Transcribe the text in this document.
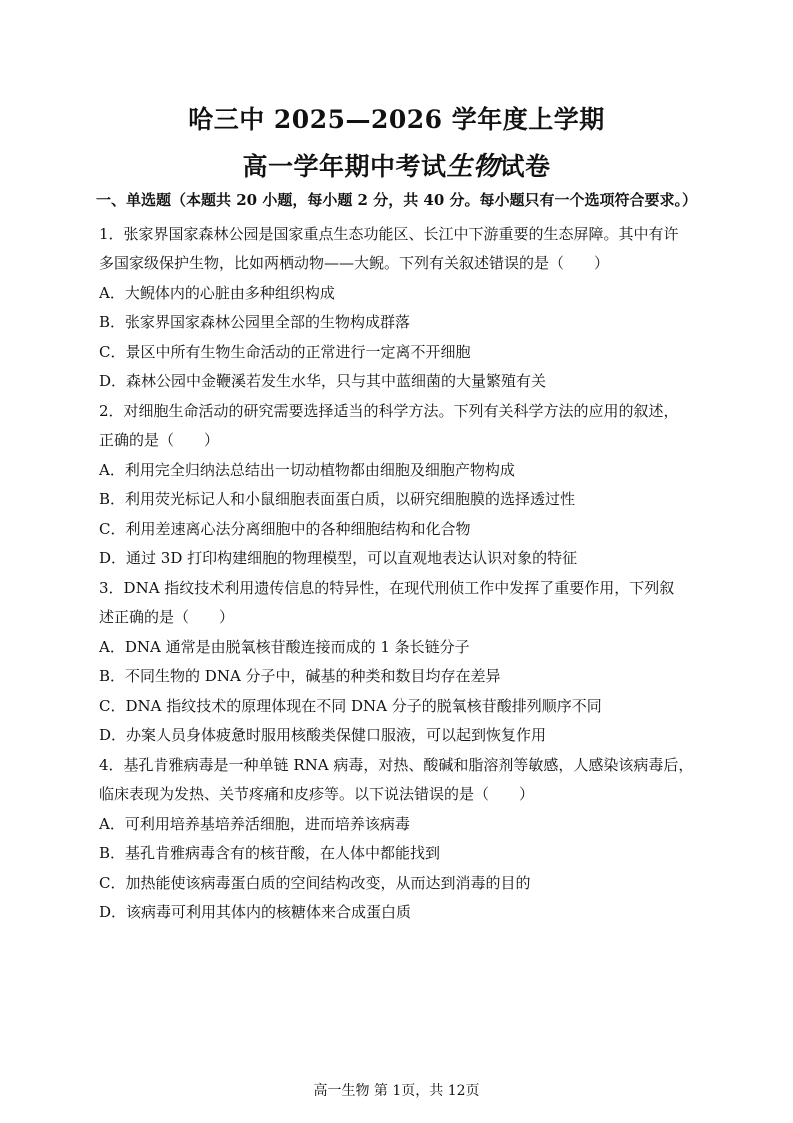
哈三中 2025—2026 学年度上学期
高一学年期中考试生物试卷
一、单选题（本题共 20 小题，每小题 2 分，共 40 分。每小题只有一个选项符合要求。）
1．张家界国家森林公园是国家重点生态功能区、长江中下游重要的生态屏障。其中有许
多国家级保护生物，比如两栖动物——大鲵。下列有关叙述错误的是（　　）
A．大鲵体内的心脏由多种组织构成
B．张家界国家森林公园里全部的生物构成群落
C．景区中所有生物生命活动的正常进行一定离不开细胞
D．森林公园中金鞭溪若发生水华，只与其中蓝细菌的大量繁殖有关
2．对细胞生命活动的研究需要选择适当的科学方法。下列有关科学方法的应用的叙述，
正确的是（　　）
A．利用完全归纳法总结出一切动植物都由细胞及细胞产物构成
B．利用荧光标记人和小鼠细胞表面蛋白质，以研究细胞膜的选择透过性
C．利用差速离心法分离细胞中的各种细胞结构和化合物
D．通过 3D 打印构建细胞的物理模型，可以直观地表达认识对象的特征
3．DNA 指纹技术利用遗传信息的特异性，在现代刑侦工作中发挥了重要作用，下列叙
述正确的是（　　）
A．DNA 通常是由脱氧核苷酸连接而成的 1 条长链分子
B．不同生物的 DNA 分子中，碱基的种类和数目均存在差异
C．DNA 指纹技术的原理体现在不同 DNA 分子的脱氧核苷酸排列顺序不同
D．办案人员身体疲惫时服用核酸类保健口服液，可以起到恢复作用
4．基孔肯雅病毒是一种单链 RNA 病毒，对热、酸碱和脂溶剂等敏感，人感染该病毒后，
临床表现为发热、关节疼痛和皮疹等。以下说法错误的是（　　）
A．可利用培养基培养活细胞，进而培养该病毒
B．基孔肯雅病毒含有的核苷酸，在人体中都能找到
C．加热能使该病毒蛋白质的空间结构改变，从而达到消毒的目的
D．该病毒可利用其体内的核糖体来合成蛋白质
高一生物 第 1页，共 12页
